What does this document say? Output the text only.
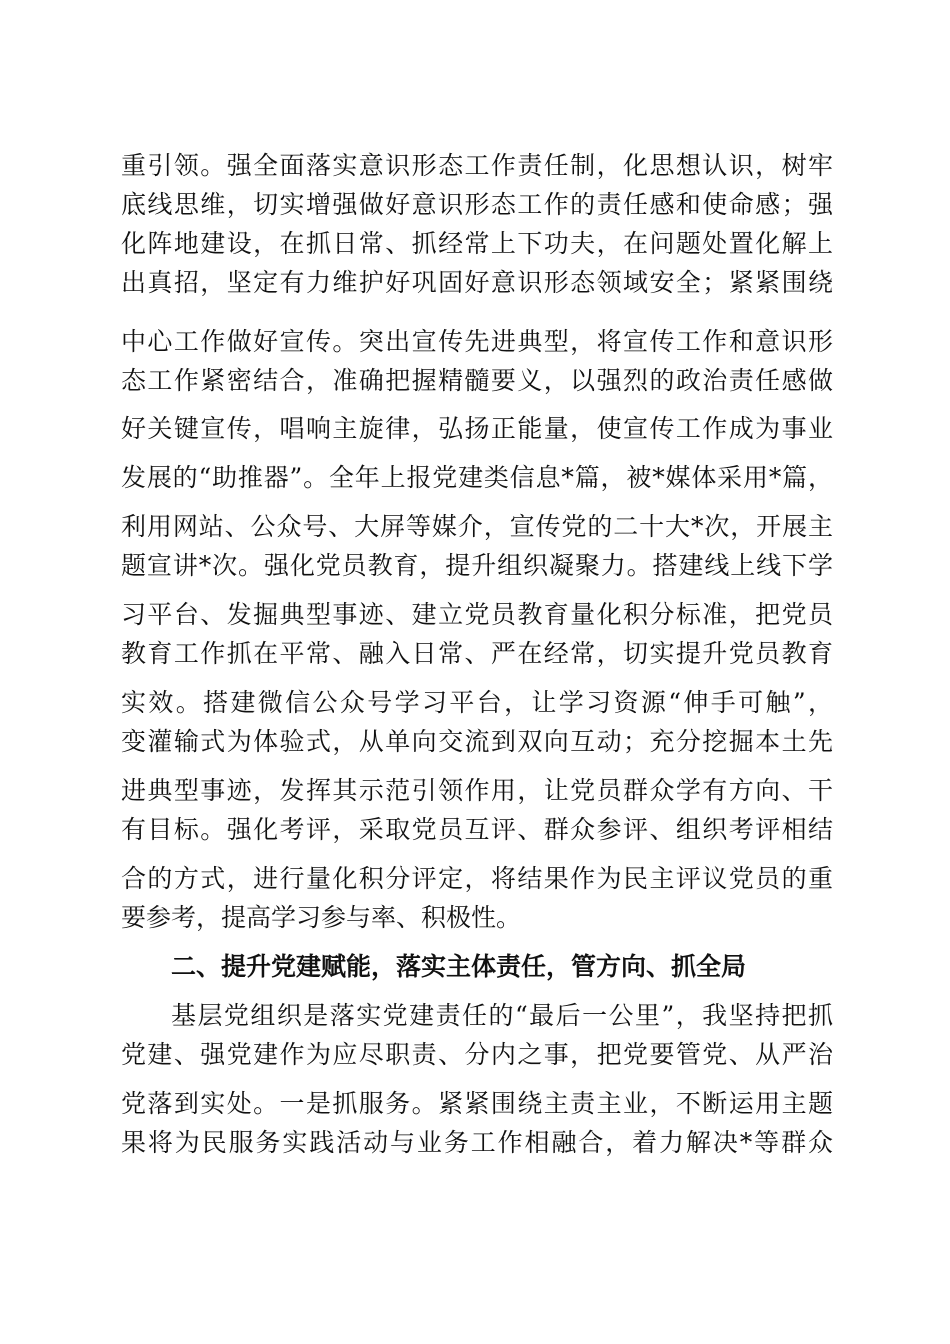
重引领。强全面落实意识形态工作责任制，化思想认识，树牢
底线思维，切实增强做好意识形态工作的责任感和使命感；强
化阵地建设，在抓日常、抓经常上下功夫，在问题处置化解上
出真招，坚定有力维护好巩固好意识形态领域安全；紧紧围绕
中心工作做好宣传。突出宣传先进典型，将宣传工作和意识形
态工作紧密结合，准确把握精髓要义，以强烈的政治责任感做
好关键宣传，唱响主旋律，弘扬正能量，使宣传工作成为事业
发展的“助推器”。全年上报党建类信息*篇，被*媒体采用*篇，
利用网站、公众号、大屏等媒介，宣传党的二十大*次，开展主
题宣讲*次。强化党员教育，提升组织凝聚力。搭建线上线下学
习平台、发掘典型事迹、建立党员教育量化积分标准，把党员
教育工作抓在平常、融入日常、严在经常，切实提升党员教育
实效。搭建微信公众号学习平台，让学习资源“伸手可触”，
变灌输式为体验式，从单向交流到双向互动；充分挖掘本土先
进典型事迹，发挥其示范引领作用，让党员群众学有方向、干
有目标。强化考评，采取党员互评、群众参评、组织考评相结
合的方式，进行量化积分评定，将结果作为民主评议党员的重
要参考，提高学习参与率、积极性。
二、提升党建赋能，落实主体责任，管方向、抓全局
基层党组织是落实党建责任的“最后一公里”，我坚持把抓
党建、强党建作为应尽职责、分内之事，把党要管党、从严治
党落到实处。一是抓服务。紧紧围绕主责主业，不断运用主题
果将为民服务实践活动与业务工作相融合，着力解决*等群众
